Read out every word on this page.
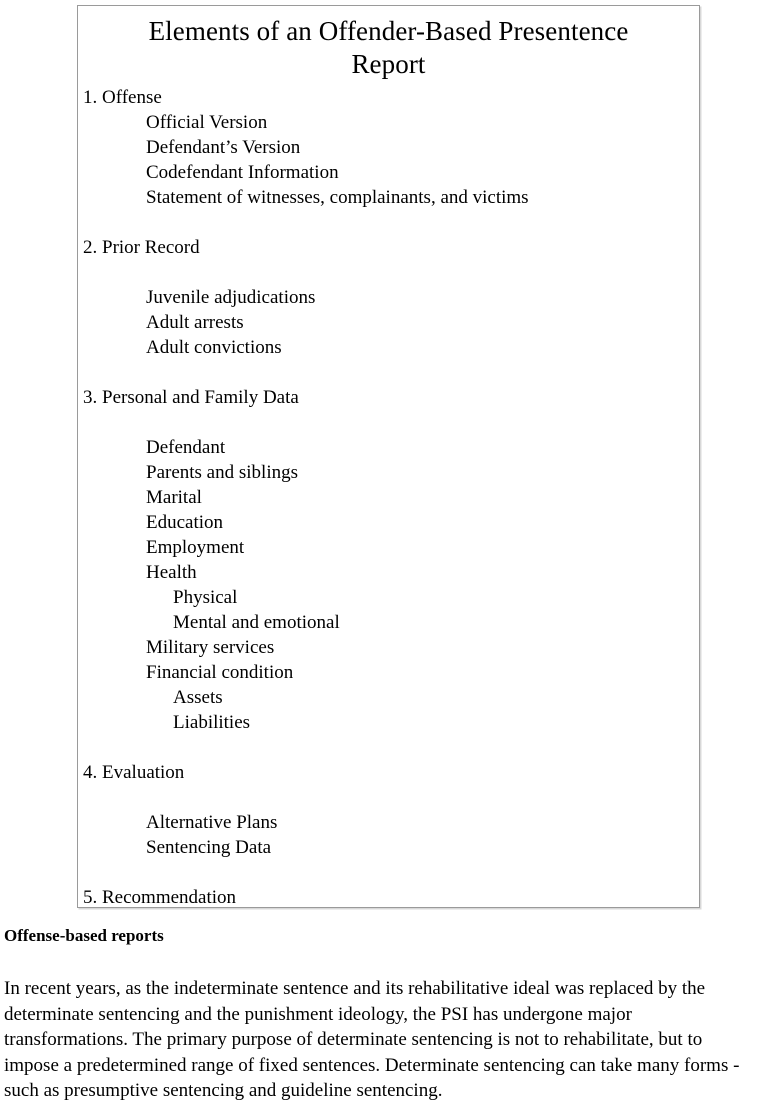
Elements of an Offender-Based Presentence
Report
1. Offense
Official Version
Defendant’s Version
Codefendant Information
Statement of witnesses, complainants, and victims
2. Prior Record
Juvenile adjudications
Adult arrests
Adult convictions
3. Personal and Family Data
Defendant
Parents and siblings
Marital
Education
Employment
Health
Physical
Mental and emotional
Military services
Financial condition
Assets
Liabilities
4. Evaluation
Alternative Plans
Sentencing Data
5. Recommendation
Offense-based reports
In recent years, as the indeterminate sentence and its rehabilitative ideal was replaced by the determinate sentencing and the punishment ideology, the PSI has undergone major transformations. The primary purpose of determinate sentencing is not to rehabilitate, but to impose a predetermined range of fixed sentences. Determinate sentencing can take many forms - such as presumptive sentencing and guideline sentencing.
